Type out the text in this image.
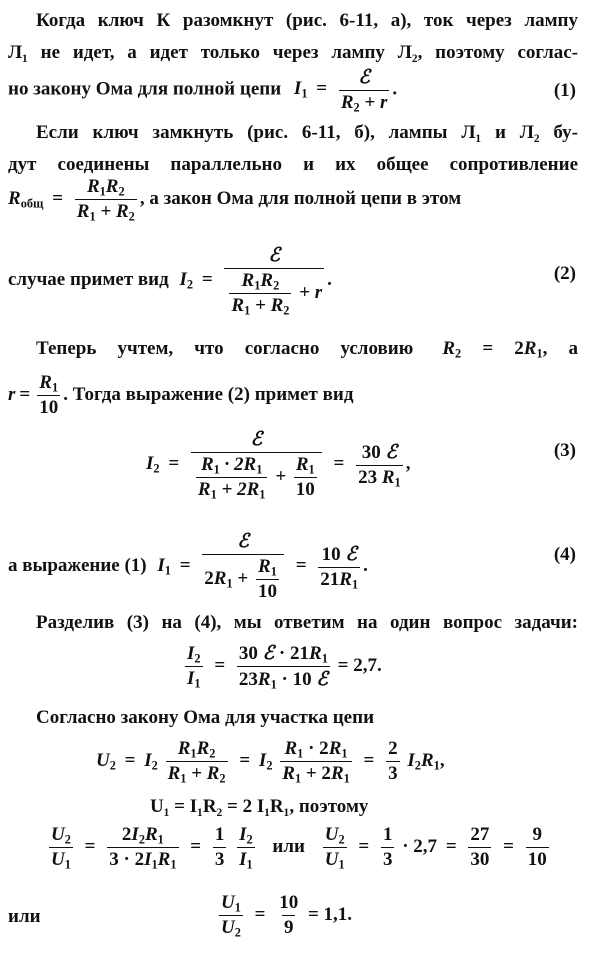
Когда ключ К разомкнут (рис. 6-11, а), ток через лампу
Л₁ не идет, а идет только через лампу Л₂, поэтому соглас-
но закону Ома для полной цепи $I_1 = \frac{\text{ℰ}}{R_2 + r}$ .	(1)
Если ключ замкнуть (рис. 6-11, б), лампы Л₁ и Л₂ бу-
дут соединены параллельно и их общее сопротивление
$R_{общ} = \frac{R_1R_2}{R_1 + R_2}$ , а закон Ома для полной цепи в этом
случае примет вид $I_2 = \frac{\text{ℰ}}{\frac{R_1R_2}{R_1 + R_2} + r}$ .	(2)
Теперь учтем, что согласно условию $R_2 = 2R_1$, а
$r = \frac{R_1}{10}$ . Тогда выражение (2) примет вид
$I_2 = \frac{\text{ℰ}}{\frac{R_1 \cdot 2R_1}{R_1 + 2R_1} + \frac{R_1}{10}} = \frac{\text{30 ℰ}}{23 R_1}$ ,
(3)
а выражение (1) $I_1 = \frac{\text{ℰ}}{2R_1 + \frac{R_1}{10}} = \frac{\text{10 ℰ}}{21R_1}$ .
(4)
Разделив (3) на (4), мы ответим на один вопрос задачи:
$\frac{I_2}{I_1} = \frac{30 ℰ \cdot 21R_1}{23R_1 \cdot 10 ℰ} = 2,7$.
Согласно закону Ома для участка цепи
$U_2 = I_2 \frac{R_1R_2}{R_1 + R_2} = I_2 \frac{R_1 \cdot 2R_1}{R_1 + 2R_1} = \frac{2}{3} I_2R_1$,
U₁ = I₁R₂ = 2 I₁R₁, поэтому
$\frac{U_2}{U_1} = \frac{2I_2R_1}{3 \cdot 2I_1R_1} = \frac{1}{3}$
$\frac{I_2}{I_1}$ или $\frac{U_2}{U_1} = \frac{1}{3} \cdot 2,7 = \frac{27}{30} = \frac{9}{10}$
или	$\frac{U_1}{U_2} = \frac{10}{9} = 1,1$.
